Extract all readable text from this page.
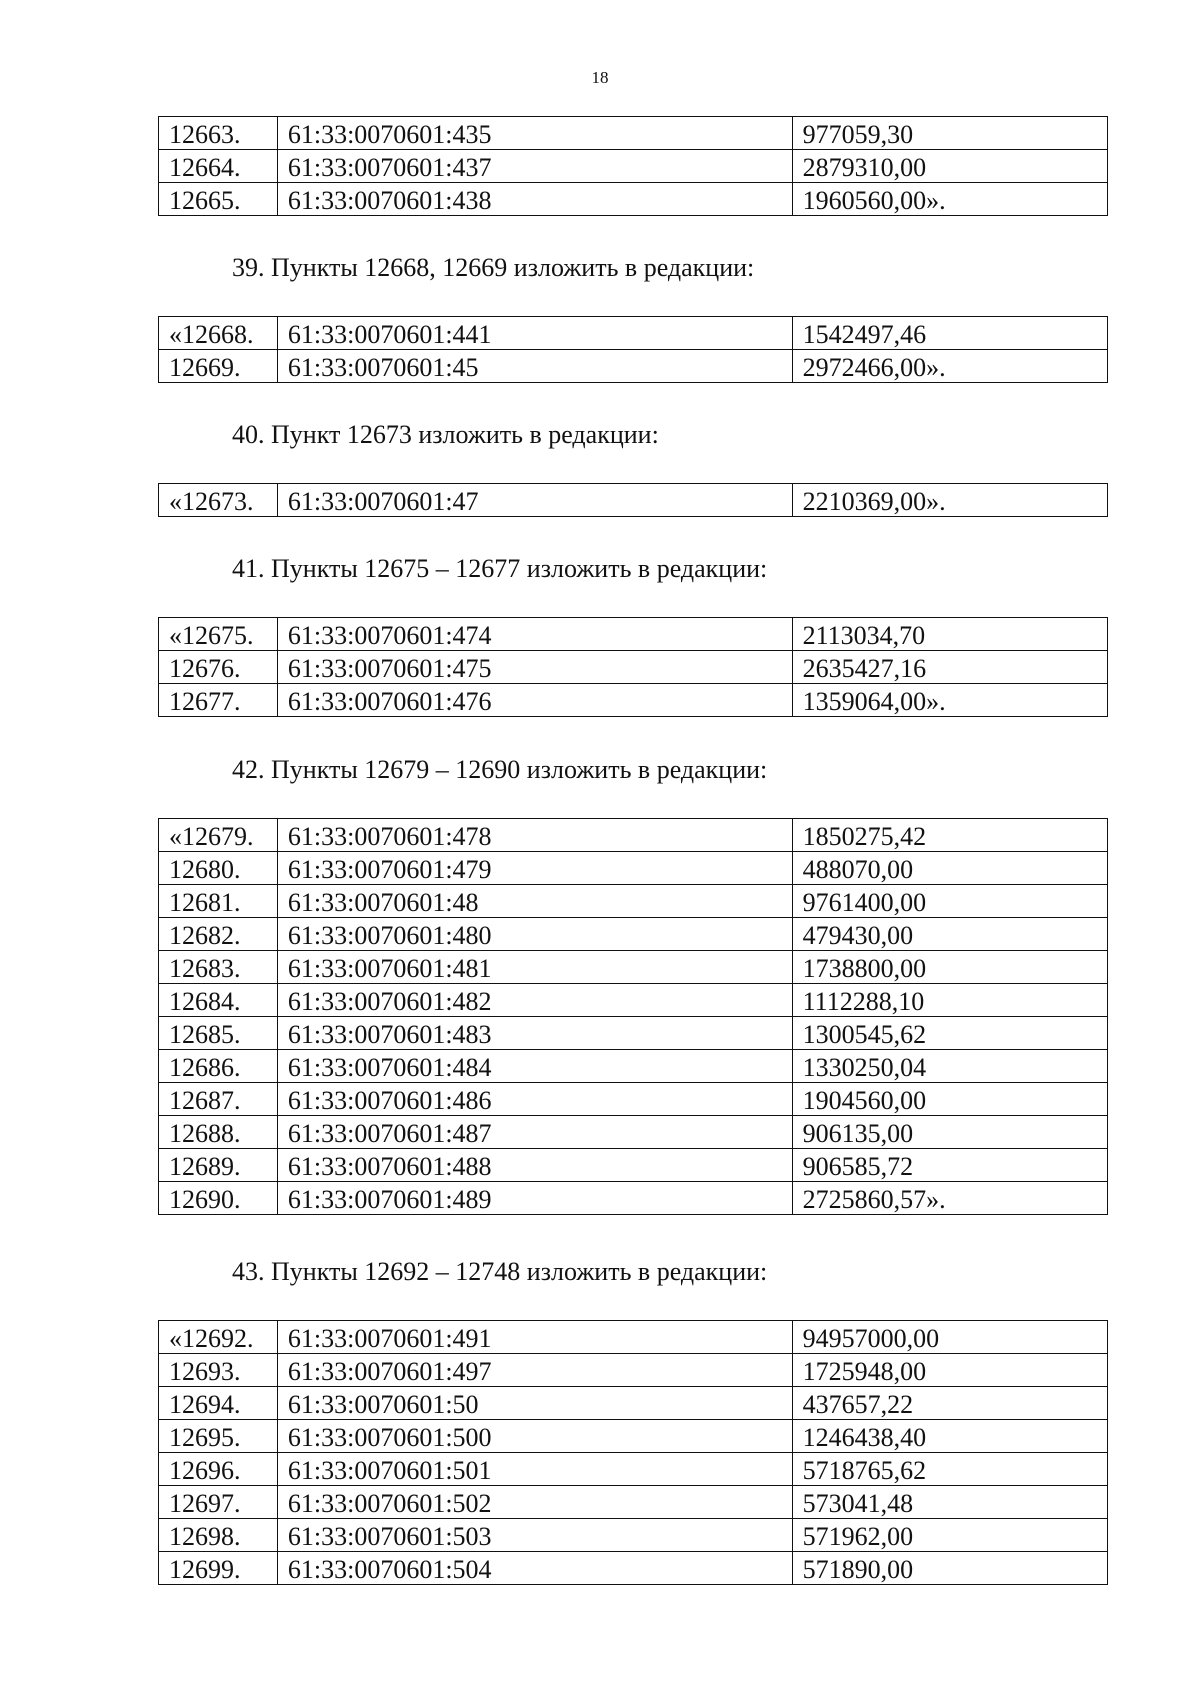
18
12663.	61:33:0070601:435	977059,30
12664.	61:33:0070601:437	2879310,00
12665.	61:33:0070601:438	1960560,00».
39. Пункты 12668, 12669 изложить в редакции:
«12668.	61:33:0070601:441	1542497,46
12669.	61:33:0070601:45	2972466,00».
40. Пункт 12673 изложить в редакции:
«12673.	61:33:0070601:47	2210369,00».
41. Пункты 12675 – 12677 изложить в редакции:
«12675.	61:33:0070601:474	2113034,70
12676.	61:33:0070601:475	2635427,16
12677.	61:33:0070601:476	1359064,00».
42. Пункты 12679 – 12690 изложить в редакции:
«12679.	61:33:0070601:478	1850275,42
12680.	61:33:0070601:479	488070,00
12681.	61:33:0070601:48	9761400,00
12682.	61:33:0070601:480	479430,00
12683.	61:33:0070601:481	1738800,00
12684.	61:33:0070601:482	1112288,10
12685.	61:33:0070601:483	1300545,62
12686.	61:33:0070601:484	1330250,04
12687.	61:33:0070601:486	1904560,00
12688.	61:33:0070601:487	906135,00
12689.	61:33:0070601:488	906585,72
12690.	61:33:0070601:489	2725860,57».
43. Пункты 12692 – 12748 изложить в редакции:
«12692.	61:33:0070601:491	94957000,00
12693.	61:33:0070601:497	1725948,00
12694.	61:33:0070601:50	437657,22
12695.	61:33:0070601:500	1246438,40
12696.	61:33:0070601:501	5718765,62
12697.	61:33:0070601:502	573041,48
12698.	61:33:0070601:503	571962,00
12699.	61:33:0070601:504	571890,00
